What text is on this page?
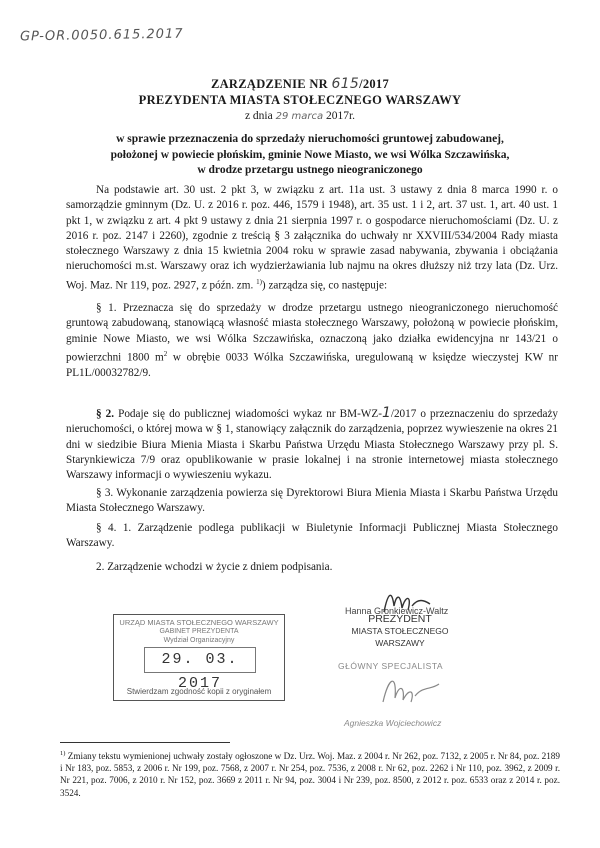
GP-OR.0050.615.2017
ZARZĄDZENIE NR 615/2017
PREZYDENTA MIASTA STOŁECZNEGO WARSZAWY
z dnia 29 marca 2017r.
w sprawie przeznaczenia do sprzedaży nieruchomości gruntowej zabudowanej,
położonej w powiecie płońskim, gminie Nowe Miasto, we wsi Wólka Szczawińska,
w drodze przetargu ustnego nieograniczonego
Na podstawie art. 30 ust. 2 pkt 3, w związku z art. 11a ust. 3 ustawy z dnia 8 marca 1990 r. o samorządzie gminnym (Dz. U. z 2016 r. poz. 446, 1579 i 1948), art. 35 ust. 1 i 2, art. 37 ust. 1, art. 40 ust. 1 pkt 1, w związku z art. 4 pkt 9 ustawy z dnia 21 sierpnia 1997 r. o gospodarce nieruchomościami (Dz. U. z 2016 r. poz. 2147 i 2260), zgodnie z treścią § 3 załącznika do uchwały nr XXVIII/534/2004 Rady miasta stołecznego Warszawy z dnia 15 kwietnia 2004 roku w sprawie zasad nabywania, zbywania i obciążania nieruchomości m.st. Warszawy oraz ich wydzierżawiania lub najmu na okres dłuższy niż trzy lata (Dz. Urz. Woj. Maz. Nr 119, poz. 2927, z późn. zm. $^{1)}$) zarządza się, co następuje:
§ 1. Przeznacza się do sprzedaży w drodze przetargu ustnego nieograniczonego nieruchomość gruntową zabudowaną, stanowiącą własność miasta stołecznego Warszawy, położoną w powiecie płońskim, gminie Nowe Miasto, we wsi Wólka Szczawińska, oznaczoną jako działka ewidencyjna nr 143/21 o powierzchni 1800 $m^2$ w obrębie 0033 Wólka Szczawińska, uregulowaną w księdze wieczystej KW nr PL1L/00032782/9.
§ 2. Podaje się do publicznej wiadomości wykaz nr BM-WZ-1/2017 o przeznaczeniu do sprzedaży nieruchomości, o której mowa w § 1, stanowiący załącznik do zarządzenia, poprzez wywieszenie na okres 21 dni w siedzibie Biura Mienia Miasta i Skarbu Państwa Urzędu Miasta Stołecznego Warszawy przy pl. S. Starynkiewicza 7/9 oraz opublikowanie w prasie lokalnej i na stronie internetowej miasta stołecznego Warszawy informacji o wywieszeniu wykazu.
§ 3. Wykonanie zarządzenia powierza się Dyrektorowi Biura Mienia Miasta i Skarbu Państwa Urzędu Miasta Stołecznego Warszawy.
§ 4. 1. Zarządzenie podlega publikacji w Biuletynie Informacji Publicznej Miasta Stołecznego Warszawy.
2. Zarządzenie wchodzi w życie z dniem podpisania.
PREZYDENT
MIASTA STOŁECZNEGO WARSZAWY
Hanna Gronkiewicz-Waltz
URZĄD MIASTA STOŁECZNEGO WARSZAWY
GABINET PREZYDENTA
Wydział Organizacyjny
29. 03. 2017
Stwierdzam zgodność kopii z oryginałem
GŁÓWNY SPECJALISTA
Agnieszka Wojciechowicz
$^{1)}$ Zmiany tekstu wymienionej uchwały zostały ogłoszone w Dz. Urz. Woj. Maz. z 2004 r. Nr 262, poz. 7132, z 2005 r. Nr 84, poz. 2189 i Nr 183, poz. 5853, z 2006 r. Nr 199, poz. 7568, z 2007 r. Nr 254, poz. 7536, z 2008 r. Nr 62, poz. 2262 i Nr 110, poz. 3962, z 2009 r. Nr 221, poz. 7006, z 2010 r. Nr 152, poz. 3669 z 2011 r. Nr 94, poz. 3004 i Nr 239, poz. 8500, z 2012 r. poz. 6533 oraz z 2014 r. poz. 3524.
